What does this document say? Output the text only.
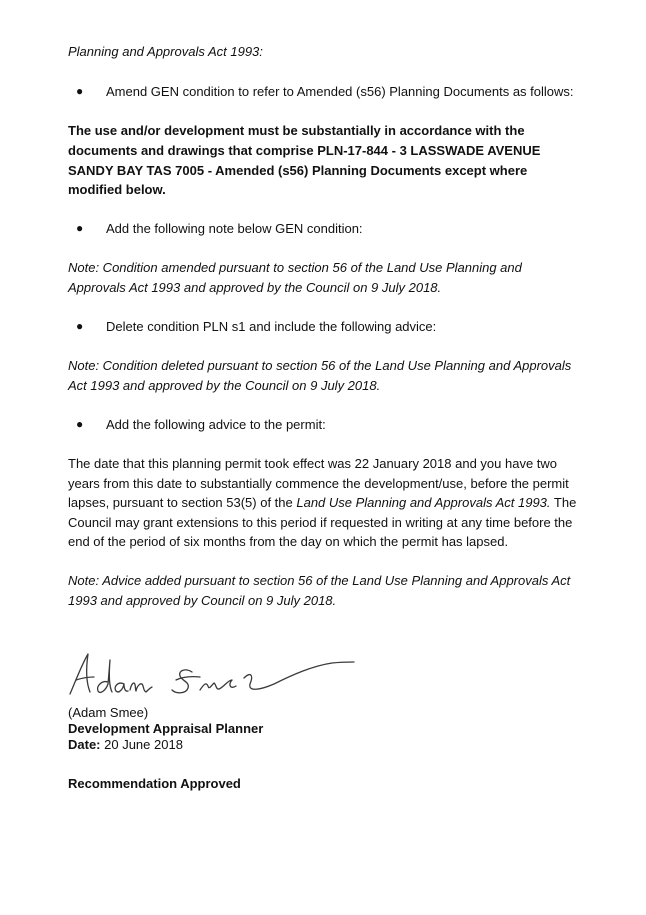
Planning and Approvals Act 1993:
● Amend GEN condition to refer to Amended (s56) Planning Documents as follows:
The use and/or development must be substantially in accordance with the documents and drawings that comprise PLN-17-844 - 3 LASSWADE AVENUE SANDY BAY TAS 7005 - Amended (s56) Planning Documents except where modified below.
● Add the following note below GEN condition:
Note: Condition amended pursuant to section 56 of the Land Use Planning and Approvals Act 1993 and approved by the Council on 9 July 2018.
● Delete condition PLN s1 and include the following advice:
Note: Condition deleted pursuant to section 56 of the Land Use Planning and Approvals Act 1993 and approved by the Council on 9 July 2018.
● Add the following advice to the permit:
The date that this planning permit took effect was 22 January 2018 and you have two years from this date to substantially commence the development/use, before the permit lapses, pursuant to section 53(5) of the Land Use Planning and Approvals Act 1993. The Council may grant extensions to this period if requested in writing at any time before the end of the period of six months from the day on which the permit has lapsed.
Note: Advice added pursuant to section 56 of the Land Use Planning and Approvals Act 1993 and approved by Council on 9 July 2018.
(Adam Smee)
Development Appraisal Planner
Date: 20 June 2018
Recommendation Approved
